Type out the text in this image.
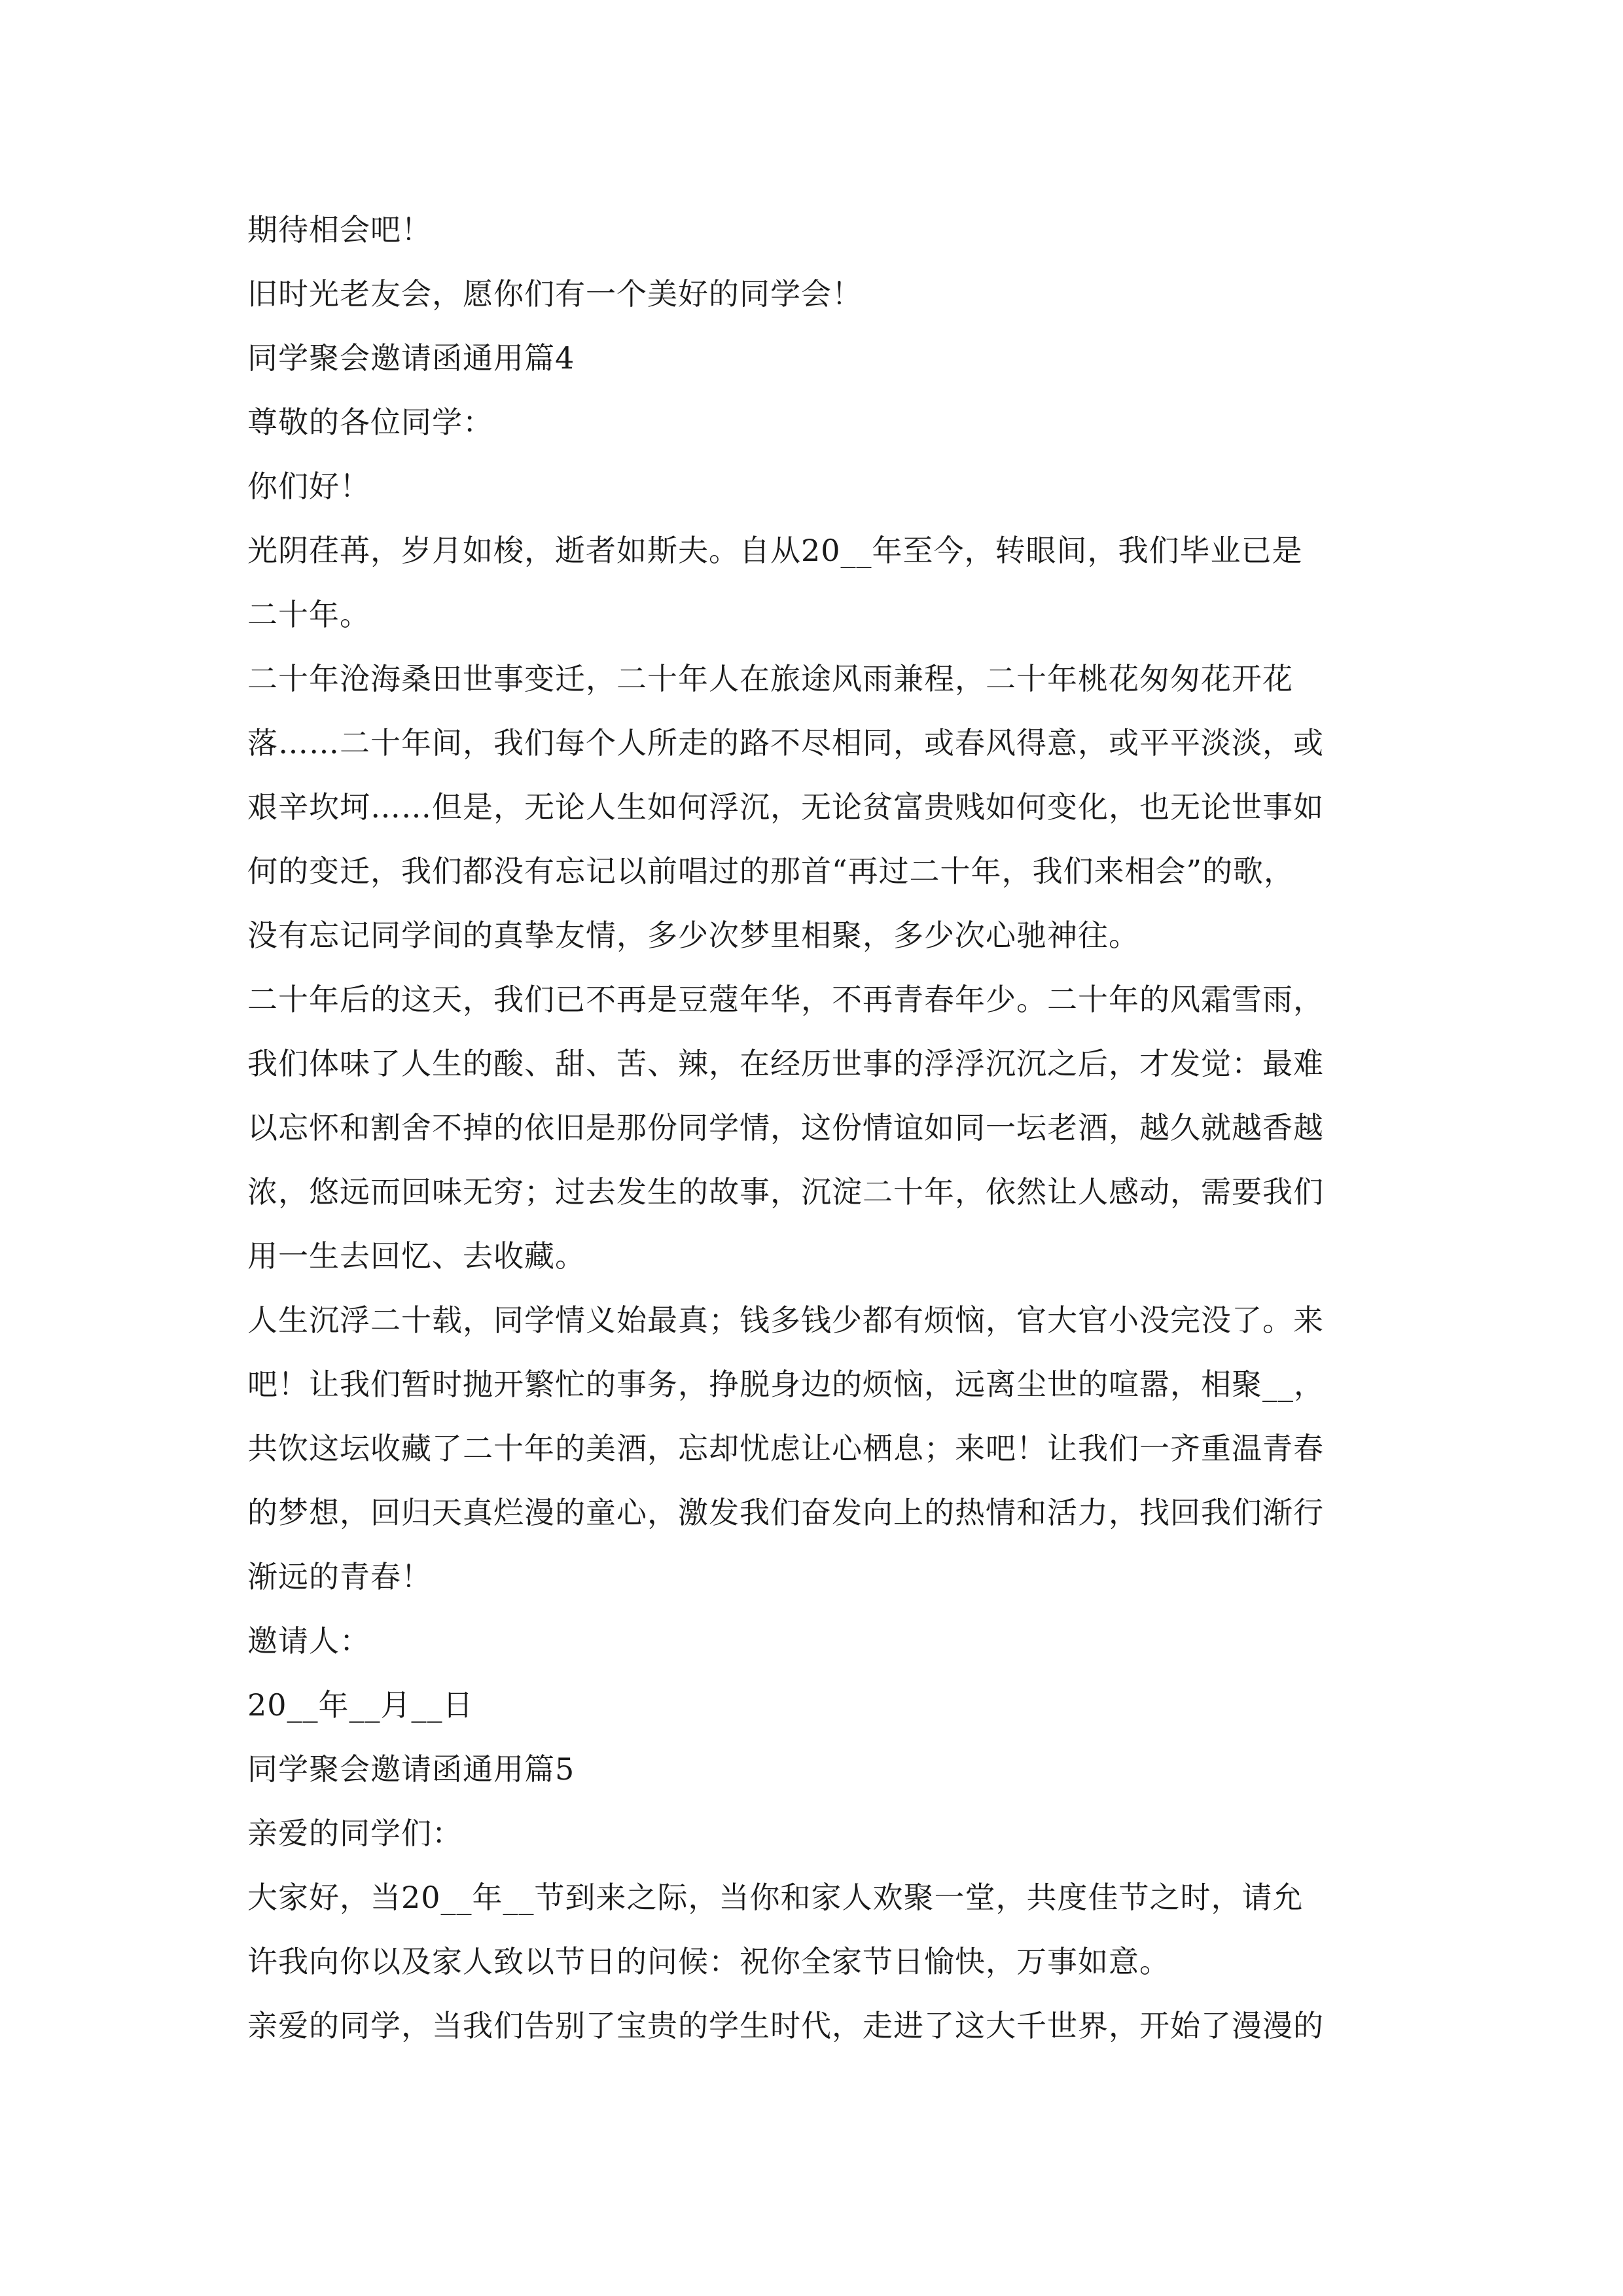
期待相会吧！
旧时光老友会，愿你们有一个美好的同学会！
同学聚会邀请函通用篇4
尊敬的各位同学：
你们好！
光阴荏苒，岁月如梭，逝者如斯夫。自从20__年至今，转眼间，我们毕业已是
二十年。
二十年沧海桑田世事变迁，二十年人在旅途风雨兼程，二十年桃花匆匆花开花
落……二十年间，我们每个人所走的路不尽相同，或春风得意，或平平淡淡，或
艰辛坎坷……但是，无论人生如何浮沉，无论贫富贵贱如何变化，也无论世事如
何的变迁，我们都没有忘记以前唱过的那首“再过二十年，我们来相会”的歌，
没有忘记同学间的真挚友情，多少次梦里相聚，多少次心驰神往。
二十年后的这天，我们已不再是豆蔻年华，不再青春年少。二十年的风霜雪雨，
我们体味了人生的酸、甜、苦、辣，在经历世事的浮浮沉沉之后，才发觉：最难
以忘怀和割舍不掉的依旧是那份同学情，这份情谊如同一坛老酒，越久就越香越
浓，悠远而回味无穷；过去发生的故事，沉淀二十年，依然让人感动，需要我们
用一生去回忆、去收藏。
人生沉浮二十载，同学情义始最真；钱多钱少都有烦恼，官大官小没完没了。来
吧！让我们暂时抛开繁忙的事务，挣脱身边的烦恼，远离尘世的喧嚣，相聚__，
共饮这坛收藏了二十年的美酒，忘却忧虑让心栖息；来吧！让我们一齐重温青春
的梦想，回归天真烂漫的童心，激发我们奋发向上的热情和活力，找回我们渐行
渐远的青春！
邀请人：
20__年__月__日
同学聚会邀请函通用篇5
亲爱的同学们：
大家好，当20__年__节到来之际，当你和家人欢聚一堂，共度佳节之时，请允
许我向你以及家人致以节日的问候：祝你全家节日愉快，万事如意。
亲爱的同学，当我们告别了宝贵的学生时代，走进了这大千世界，开始了漫漫的
